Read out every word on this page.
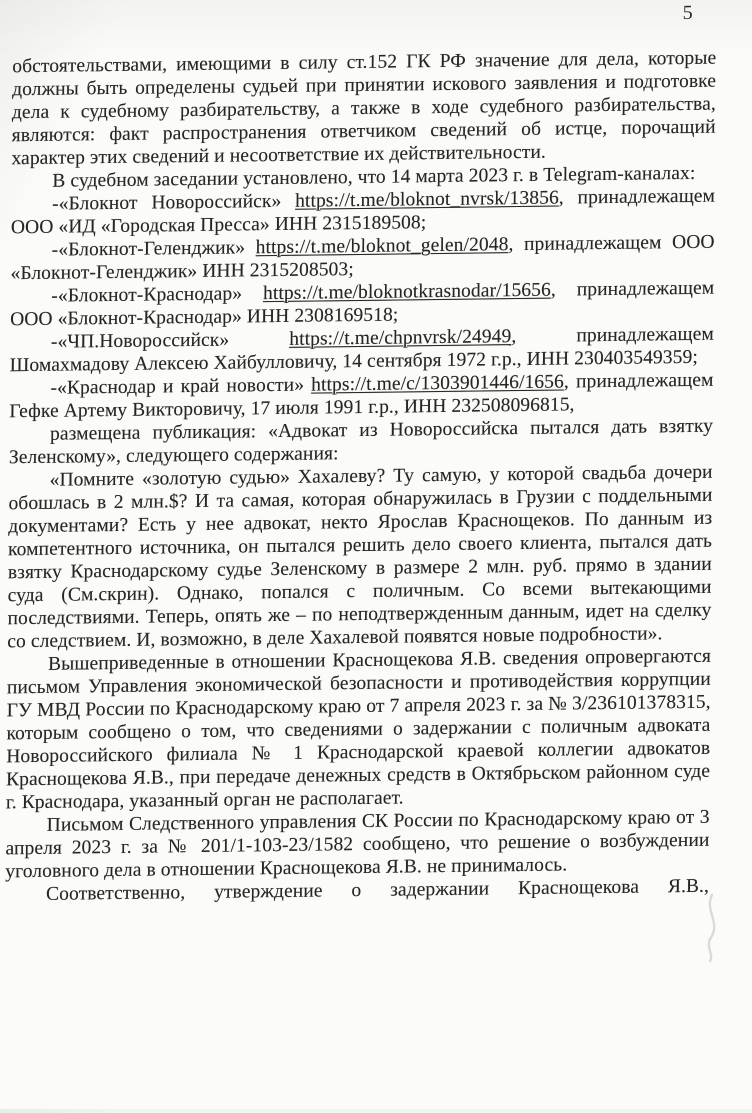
5

обстоятельствами, имеющими в силу ст.152 ГК РФ значение для дела, которые должны быть определены судьей при принятии искового заявления и подготовке дела к судебному разбирательству, а также в ходе судебного разбирательства, являются: факт распространения ответчиком сведений об истце, порочащий характер этих сведений и несоответствие их действительности.

В судебном заседании установлено, что 14 марта 2023 г. в Telegram-каналах:

-«Блокнот Новороссийск» https://t.me/bloknot_nvrsk/13856, принадлежащем ООО «ИД «Городская Пресса» ИНН 2315189508;

-«Блокнот-Геленджик» https://t.me/bloknot_gelen/2048, принадлежащем ООО «Блокнот-Геленджик» ИНН 2315208503;

-«Блокнот-Краснодар» https://t.me/bloknotkrasnodar/15656, принадлежащем ООО «Блокнот-Краснодар» ИНН 2308169518;

-«ЧП.Новороссийск» https://t.me/chpnvrsk/24949, принадлежащем Шомахмадову Алексею Хайбулловичу, 14 сентября 1972 г.р., ИНН 230403549359;

-«Краснодар и край новости» https://t.me/c/1303901446/1656, принадлежащем Гефке Артему Викторовичу, 17 июля 1991 г.р., ИНН 232508096815,

размещена публикация: «Адвокат из Новороссийска пытался дать взятку Зеленскому», следующего содержания:

«Помните «золотую судью» Хахалеву? Ту самую, у которой свадьба дочери обошлась в 2 млн.$? И та самая, которая обнаружилась в Грузии с поддельными документами? Есть у нее адвокат, некто Ярослав Краснощеков. По данным из компетентного источника, он пытался решить дело своего клиента, пытался дать взятку Краснодарскому судье Зеленскому в размере 2 млн. руб. прямо в здании суда (См.скрин). Однако, попался с поличным. Со всеми вытекающими последствиями. Теперь, опять же – по неподтвержденным данным, идет на сделку со следствием. И, возможно, в деле Хахалевой появятся новые подробности».

Вышеприведенные в отношении Краснощекова Я.В. сведения опровергаются письмом Управления экономической безопасности и противодействия коррупции ГУ МВД России по Краснодарскому краю от 7 апреля 2023 г. за № 3/236101378315, которым сообщено о том, что сведениями о задержании с поличным адвоката Новороссийского филиала № 1 Краснодарской краевой коллегии адвокатов Краснощекова Я.В., при передаче денежных средств в Октябрьском районном суде г. Краснодара, указанный орган не располагает.

Письмом Следственного управления СК России по Краснодарскому краю от 3 апреля 2023 г. за № 201/1-103-23/1582 сообщено, что решение о возбуждении уголовного дела в отношении Краснощекова Я.В. не принималось.

Соответственно, утверждение о задержании Краснощекова Я.В.,
